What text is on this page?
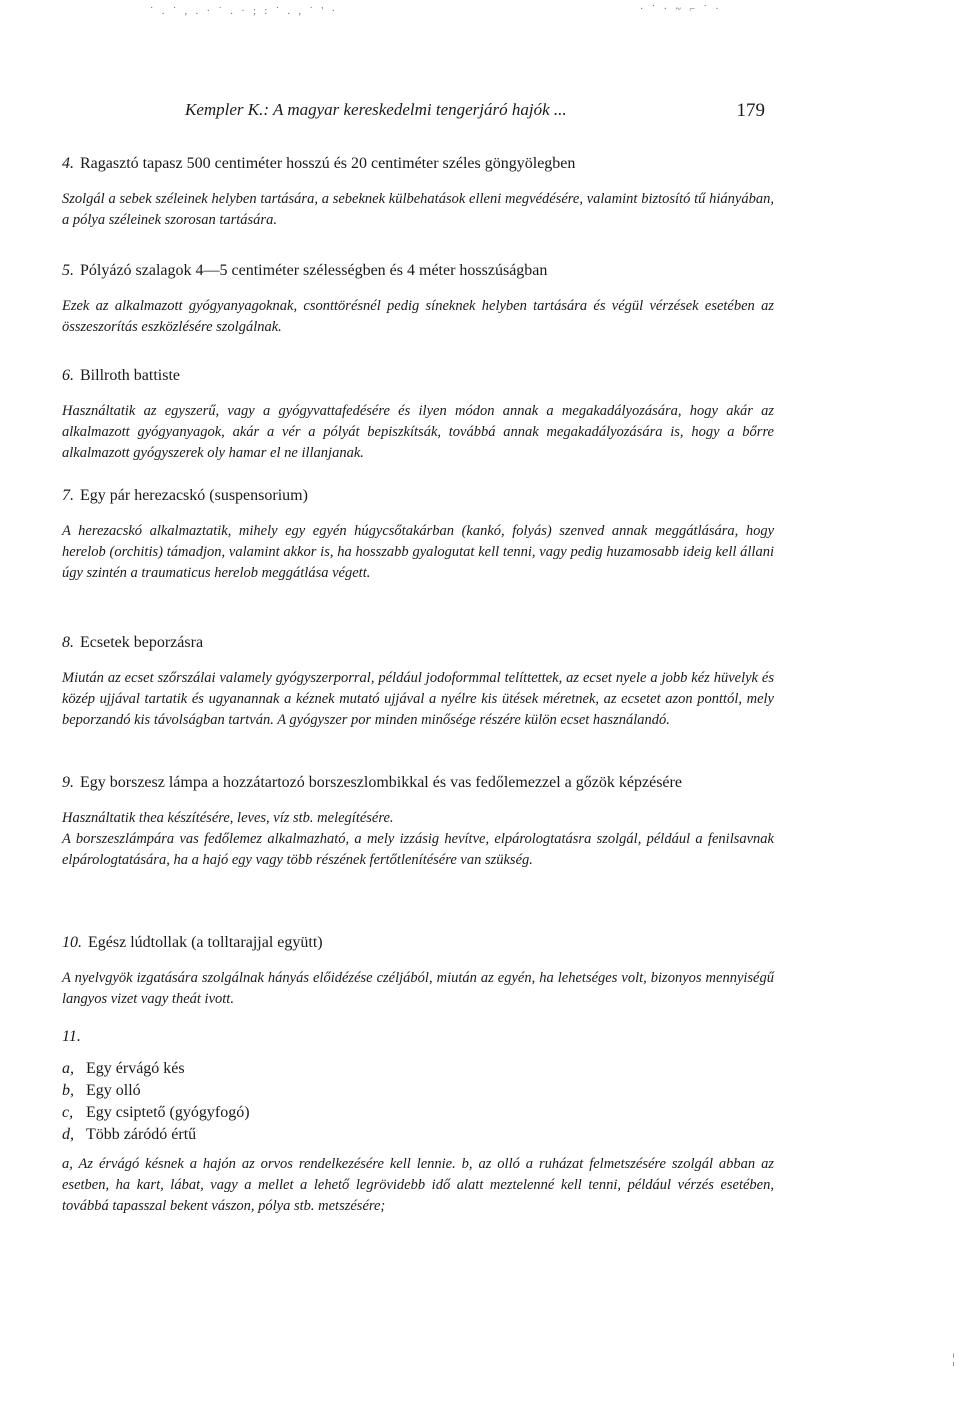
˙ . ˙ , . · ˙ . · ; : ˙ . , ˙ ' ·	· ˙ · ~ ⌐ ˙ ·
Kempler K.: A magyar kereskedelmi tengerjáró hajók ...	179
4. Ragasztó tapasz 500 centiméter hosszú és 20 centiméter széles göngyölegben
Szolgál a sebek széleinek helyben tartására, a sebeknek külbehatások elleni megvédésére, valamint biztosító tű hiányában, a pólya széleinek szorosan tartására.
5. Pólyázó szalagok 4—5 centiméter szélességben és 4 méter hosszúságban
Ezek az alkalmazott gyógyanyagoknak, csonttörésnél pedig síneknek helyben tartására és végül vérzések esetében az összeszorítás eszközlésére szolgálnak.
6. Billroth battiste
Használtatik az egyszerű, vagy a gyógyvattafedésére és ilyen módon annak a megakadályozására, hogy akár az alkalmazott gyógyanyagok, akár a vér a pólyát bepiszkítsák, továbbá annak megakadályozására is, hogy a bőrre alkalmazott gyógyszerek oly hamar el ne illanjanak.
7. Egy pár herezacskó (suspensorium)
A herezacskó alkalmaztatik, mihely egy egyén húgycsőtakárban (kankó, folyás) szenved annak meggátlására, hogy herelob (orchitis) támadjon, valamint akkor is, ha hosszabb gyalogutat kell tenni, vagy pedig huzamosabb ideig kell állani úgy szintén a traumaticus herelob meggátlása végett.
8. Ecsetek beporzásra
Miután az ecset szőrszálai valamely gyógyszerporral, például jodoformmal telíttettek, az ecset nyele a jobb kéz hüvelyk és közép ujjával tartatik és ugyanannak a kéznek mutató ujjával a nyélre kis ütések méretnek, az ecsetet azon ponttól, mely beporzandó kis távolságban tartván. A gyógyszer por minden minősége részére külön ecset használandó.
9. Egy borszesz lámpa a hozzátartozó borszeszlombikkal és vas fedőlemezzel a gőzök képzésére

Használtatik thea készítésére, leves, víz stb. melegítésére.

A borszeszlámpára vas fedőlemez alkalmazható, a mely izzásig hevítve, elpárologtatásra szolgál, például a fenilsavnak elpárologtatására, ha a hajó egy vagy több részének fertőtlenítésére van szükség.

10. Egész lúdtollak (a tolltarajjal együtt)
A nyelvgyök izgatására szolgálnak hányás előidézése czéljából, miután az egyén, ha lehetséges volt, bizonyos mennyiségű langyos vizet vagy theát ivott.
11.
a, Egy érvágó kés
b, Egy olló
c, Egy csiptető (gyógyfogó)
d, Több záródó értű
a, Az érvágó késnek a hajón az orvos rendelkezésére kell lennie. b, az olló a ruházat felmetszésére szolgál abban az esetben, ha kart, lábat, vagy a mellet a lehető legrövidebb idő alatt meztelenné kell tenni, például vérzés esetében, továbbá tapasszal bekent vászon, pólya stb. metszésére;
¦
